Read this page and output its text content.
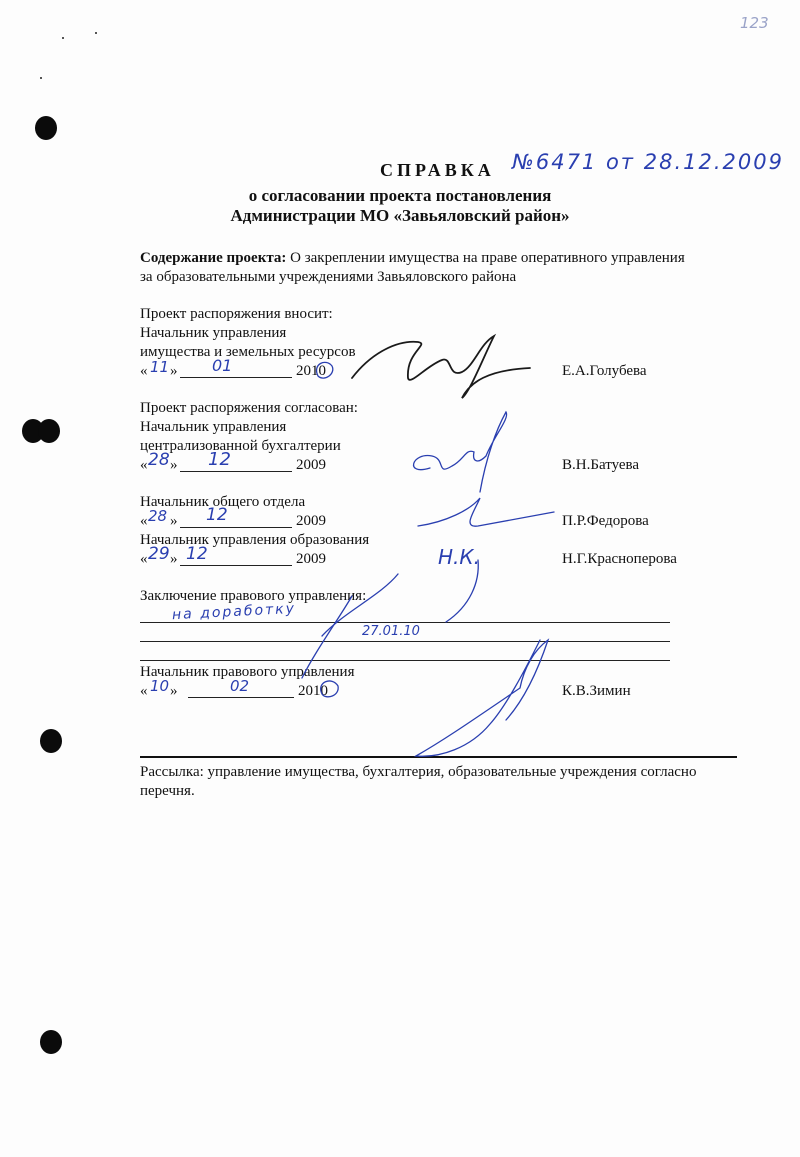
123
СПРАВКА №6471 от 28.12.2009
о согласовании проекта постановления
Администрации МО «Завьяловский район»
Содержание проекта: О закреплении имущества на праве оперативного управления
за образовательными учреждениями Завьяловского района
Проект распоряжения вносит:
Начальник управления
имущества и земельных ресурсов
« 11 » 01	2010	Е.А.Голубева
Проект распоряжения согласован:
Начальник управления
централизованной бухгалтерии
« 28 » 12	2009	В.Н.Батуева
Начальник общего отдела
« 28 » 12	2009	П.Р.Федорова
Начальник управления образования
« 29 » 12	2009	Н.Г.Красноперова
Н.К.
Заключение правового управления:
на доработку
27.01.10
Начальник правового управления
« 10 »	02	2010	К.В.Зимин
Рассылка: управление имущества, бухгалтерия, образовательные учреждения согласно
перечня.
